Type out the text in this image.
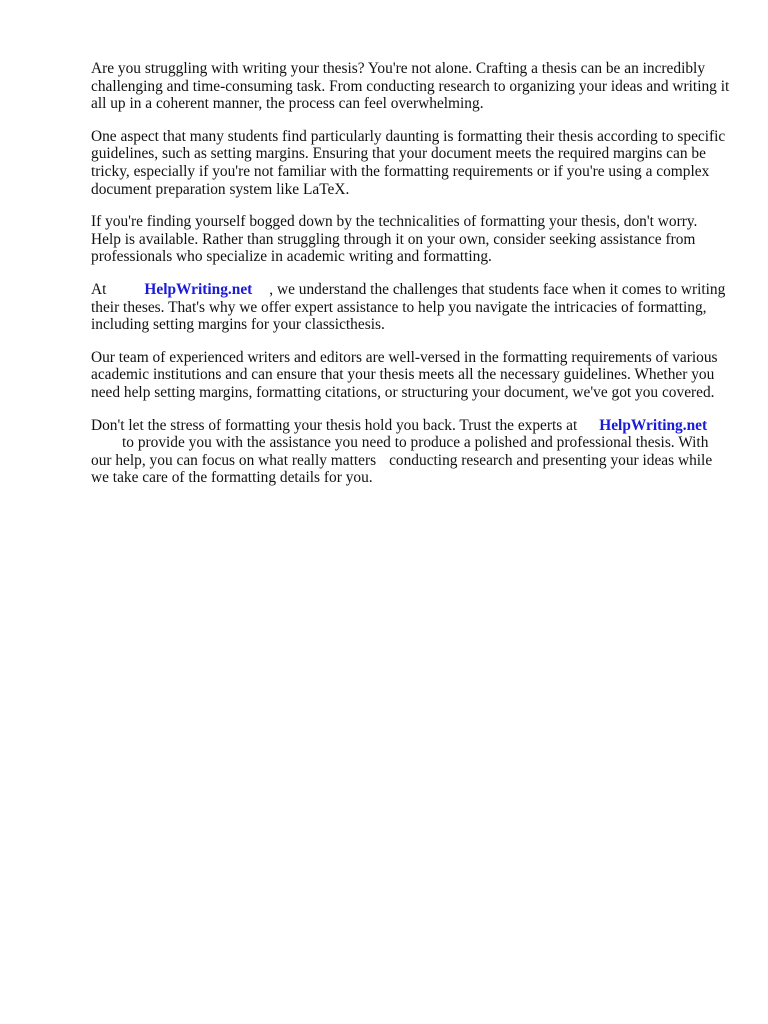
Are you struggling with writing your thesis? You're not alone. Crafting a thesis can be an incredibly challenging and time-consuming task. From conducting research to organizing your ideas and writing it all up in a coherent manner, the process can feel overwhelming.

One aspect that many students find particularly daunting is formatting their thesis according to specific guidelines, such as setting margins. Ensuring that your document meets the required margins can be tricky, especially if you're not familiar with the formatting requirements or if you're using a complex document preparation system like LaTeX.

If you're finding yourself bogged down by the technicalities of formatting your thesis, don't worry. Help is available. Rather than struggling through it on your own, consider seeking assistance from professionals who specialize in academic writing and formatting.

At HelpWriting.net , we understand the challenges that students face when it comes to writing their theses. That's why we offer expert assistance to help you navigate the intricacies of formatting, including setting margins for your classicthesis.

Our team of experienced writers and editors are well-versed in the formatting requirements of various academic institutions and can ensure that your thesis meets all the necessary guidelines. Whether you need help setting margins, formatting citations, or structuring your document, we've got you covered.

Don't let the stress of formatting your thesis hold you back. Trust the experts at HelpWriting.net
to provide you with the assistance you need to produce a polished and professional thesis. With our help, you can focus on what really matters conducting research and presenting your ideas while we take care of the formatting details for you.
